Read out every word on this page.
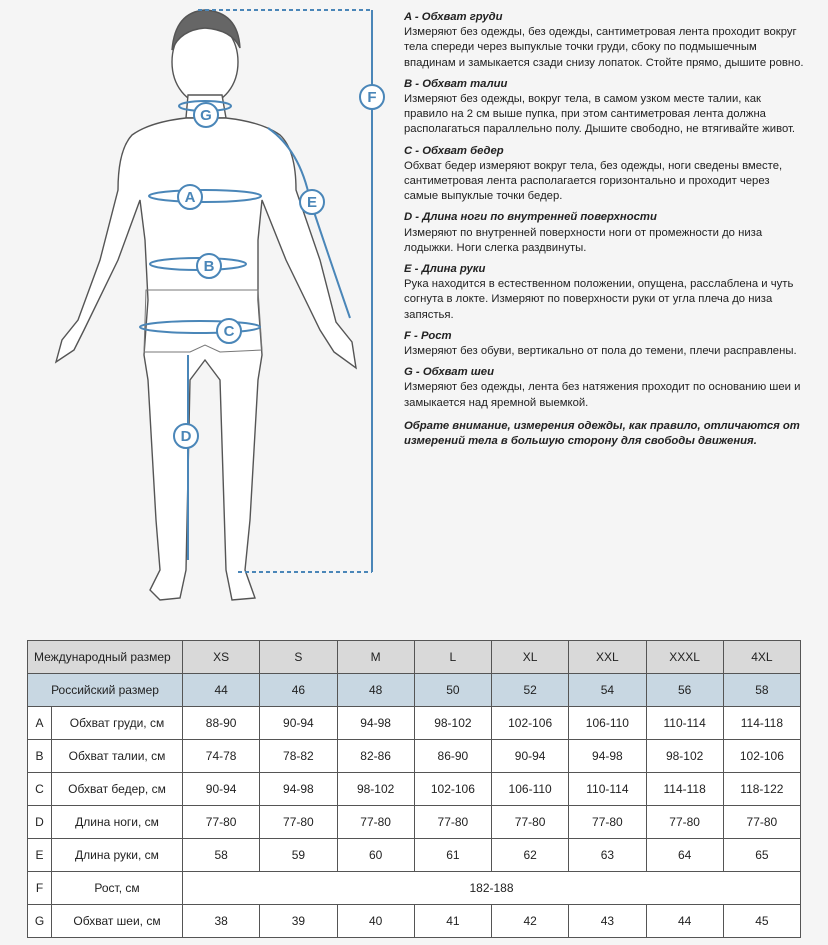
G
A
B
C
D
E
F
A - Обхват груди
Измеряют без одежды, без одежды, сантиметровая лента проходит вокруг тела спереди через выпуклые точки груди, сбоку по подмышечным впадинам и замыкается сзади снизу лопаток. Стойте прямо, дышите ровно.
B - Обхват талии
Измеряют без одежды, вокруг тела, в самом узком месте талии, как правило на 2 см выше пупка, при этом сантиметровая лента должна располагаться параллельно полу. Дышите свободно, не втягивайте живот.
C - Обхват бедер
Обхват бедер измеряют вокруг тела, без одежды, ноги сведены вместе, сантиметровая лента располагается горизонтально и проходит через самые выпуклые точки бедер.
D - Длина ноги по внутренней поверхности
Измеряют по внутренней поверхности ноги от промежности до низа лодыжки. Ноги слегка раздвинуты.
E - Длина руки
Рука находится в естественном положении, опущена, расслаблена и чуть согнута в локте. Измеряют по поверхности руки от угла плеча до низа запястья.
F - Рост
Измеряют без обуви, вертикально от пола до темени, плечи расправлены.
G - Обхват шеи
Измеряют без одежды, лента без натяжения проходит по основанию шеи и замыкается над яремной выемкой.
Обрате внимание, измерения одежды, как правило, отличаются от измерений тела в большую сторону для свободы движения.
Международный размер		XS	S	M	L	XL	XXL	XXXL	4XL
Российский размер		44	46	48	50	52	54	56	58
A	Обхват груди, см	88-90	90-94	94-98	98-102	102-106	106-110	110-114	114-118
B	Обхват талии, см	74-78	78-82	82-86	86-90	90-94	94-98	98-102	102-106
C	Обхват бедер, см	90-94	94-98	98-102	102-106	106-110	110-114	114-118	118-122
D	Длина ноги, см	77-80	77-80	77-80	77-80	77-80	77-80	77-80	77-80
E	Длина руки, см	58	59	60	61	62	63	64	65
F	Рост, см	182-188							
G	Обхват шеи, см	38	39	40	41	42	43	44	45
